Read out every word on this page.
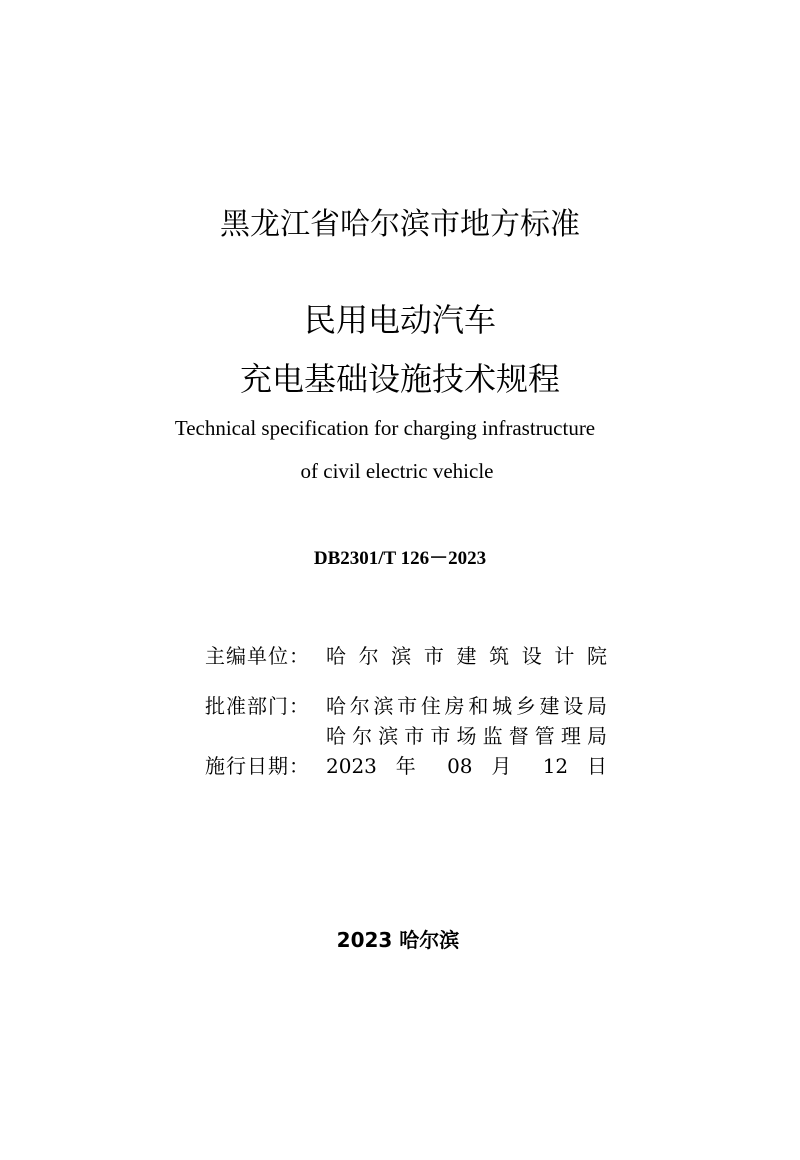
黑龙江省哈尔滨市地方标准
民用电动汽车
充电基础设施技术规程
Technical specification for charging infrastructure
of civil electric vehicle
DB2301/T 126－2023
主编单位： 哈尔滨市建筑设计院
批准部门： 哈尔滨市住房和城乡建设局
哈尔滨市市场监督管理局
施行日期： 2023 年 08 月 12 日
2023 哈尔滨
